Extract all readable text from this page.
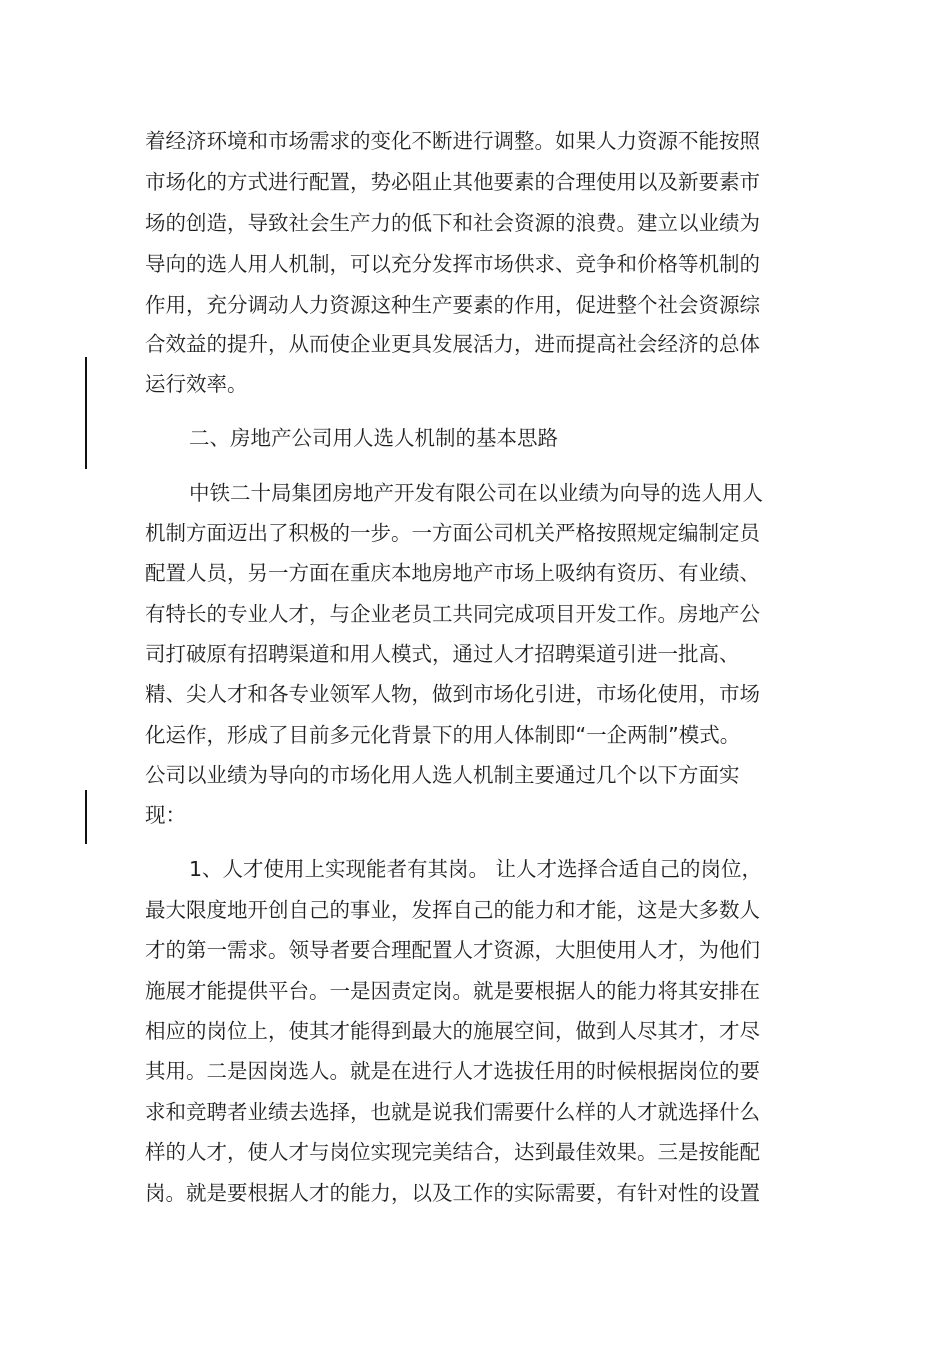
着经济环境和市场需求的变化不断进行调整。如果人力资源不能按照
市场化的方式进行配置，势必阻止其他要素的合理使用以及新要素市
场的创造，导致社会生产力的低下和社会资源的浪费。建立以业绩为
导向的选人用人机制，可以充分发挥市场供求、竞争和价格等机制的
作用，充分调动人力资源这种生产要素的作用，促进整个社会资源综
合效益的提升，从而使企业更具发展活力，进而提高社会经济的总体
运行效率。
二、房地产公司用人选人机制的基本思路
中铁二十局集团房地产开发有限公司在以业绩为向导的选人用人
机制方面迈出了积极的一步。一方面公司机关严格按照规定编制定员
配置人员，另一方面在重庆本地房地产市场上吸纳有资历、有业绩、
有特长的专业人才，与企业老员工共同完成项目开发工作。房地产公
司打破原有招聘渠道和用人模式，通过人才招聘渠道引进一批高、
精、尖人才和各专业领军人物，做到市场化引进，市场化使用，市场
化运作，形成了目前多元化背景下的用人体制即“一企两制”模式。
公司以业绩为导向的市场化用人选人机制主要通过几个以下方面实
现：
1、人才使用上实现能者有其岗。 让人才选择合适自己的岗位，
最大限度地开创自己的事业，发挥自己的能力和才能，这是大多数人
才的第一需求。领导者要合理配置人才资源，大胆使用人才，为他们
施展才能提供平台。一是因责定岗。就是要根据人的能力将其安排在
相应的岗位上，使其才能得到最大的施展空间，做到人尽其才，才尽
其用。二是因岗选人。就是在进行人才选拔任用的时候根据岗位的要
求和竞聘者业绩去选择，也就是说我们需要什么样的人才就选择什么
样的人才，使人才与岗位实现完美结合，达到最佳效果。三是按能配
岗。就是要根据人才的能力，以及工作的实际需要，有针对性的设置
